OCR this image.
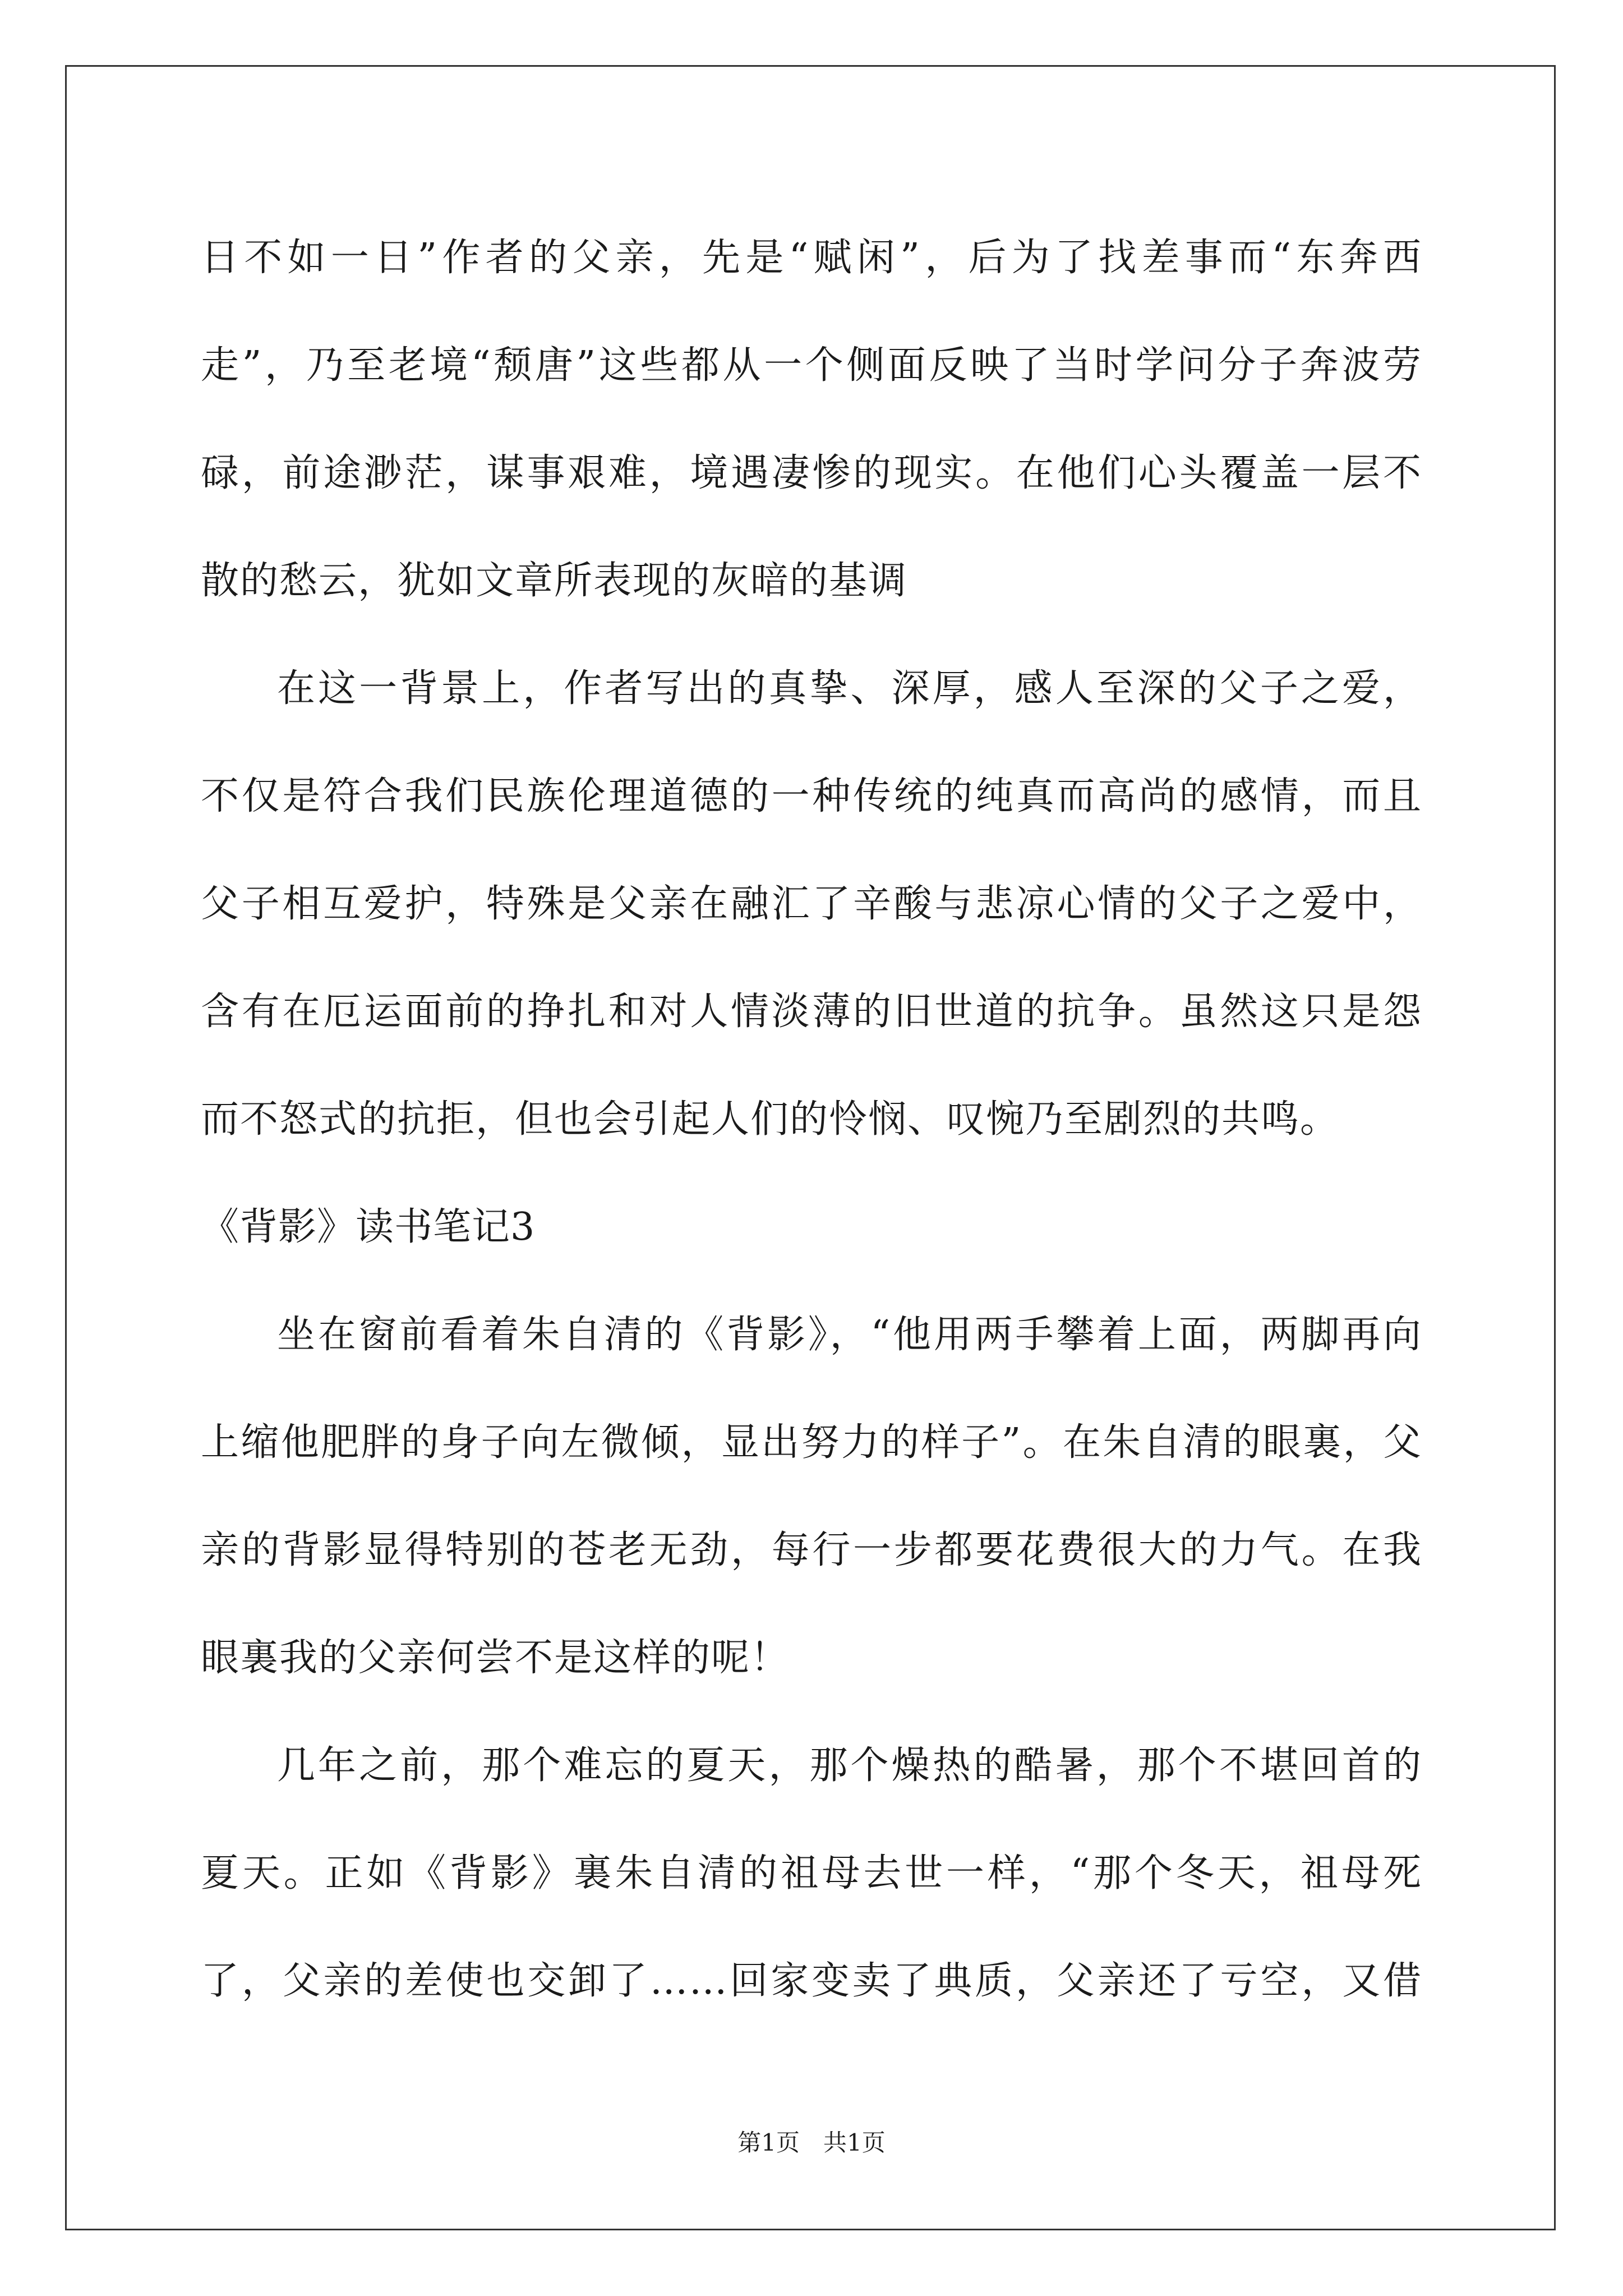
日不如一日”作者的父亲，先是“赋闲”，后为了找差事而“东奔西
走”，乃至老境“颓唐”这些都从一个侧面反映了当时学问分子奔波劳
碌，前途渺茫，谋事艰难，境遇凄惨的现实。在他们心头覆盖一层不
散的愁云，犹如文章所表现的灰暗的基调
在这一背景上，作者写出的真挚、深厚，感人至深的父子之爱，
不仅是符合我们民族伦理道德的一种传统的纯真而高尚的感情，而且
父子相互爱护，特殊是父亲在融汇了辛酸与悲凉心情的父子之爱中，
含有在厄运面前的挣扎和对人情淡薄的旧世道的抗争。虽然这只是怨
而不怒式的抗拒，但也会引起人们的怜悯、叹惋乃至剧烈的共鸣。
《背影》读书笔记3
坐在窗前看着朱自清的《背影》，“他用两手攀着上面，两脚再向
上缩他肥胖的身子向左微倾，显出努力的样子”。在朱自清的眼裏，父
亲的背影显得特别的苍老无劲，每行一步都要花费很大的力气。在我
眼裏我的父亲何尝不是这样的呢！
几年之前，那个难忘的夏天，那个燥热的酷暑，那个不堪回首的
夏天。正如《背影》裏朱自清的祖母去世一样，“那个冬天，祖母死
了，父亲的差使也交卸了……回家变卖了典质，父亲还了亏空，又借
第1页　共1页
